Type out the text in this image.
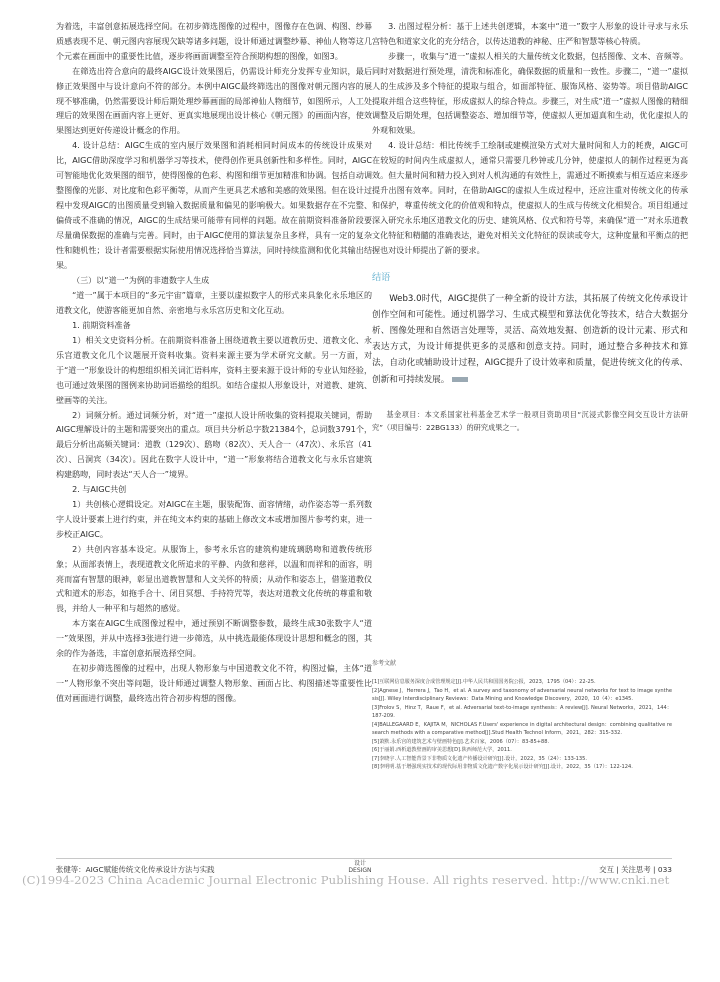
为着选，丰富创意拓展选择空间。在初步筛选图像的过程中，图像存在色调、构图、纱幕质感表现不足、朝元图内容展现欠缺等诸多问题，设计师通过调整纱幕、神仙人物等这几个元素在画面中的重要性比值，逐步将画面调整至符合预期构想的图像，如图3。

在筛选出符合意向的最终AIGC设计效果图后，仍需设计师充分发挥专业知识，最后修正效果图中与设计意向不符的部分。本例中AIGC最终筛选出的图像对朝元图内容的展现不够准确，仍然需要设计师后期处理纱幕画面的局部神仙人物细节，如图所示，人工处理后的效果图在画面内容上更好、更真实地展现出设计核心《朝元图》的画面内容，使效果图达到更好传递设计概念的作用。

4. 设计总结：AIGC生成的室内展厅效果图和消耗相同时间成本的传统设计成果对比，AIGC借助深度学习和机器学习等技术，使得创作更具创新性和多样性。同时，AIGC可智能地优化效果图的细节，使得图像的色彩、构图和细节更加精准和协调。包括自动调整图像的光影、对比度和色彩平衡等，从而产生更具艺术感和美感的效果图。但在设计过程中发现AIGC的出图质量受到输入数据质量和偏见的影响极大。如果数据存在不完整、偏倚或不准确的情况，AIGC的生成结果可能带有同样的问题。故在前期资料准备阶段要尽量确保数据的准确与完善。同时，由于AIGC使用的算法复杂且多样，具有一定的复杂性和随机性；设计者需要根据实际使用情况选择恰当算法，同时持续监测和优化其输出结果。

（三）以“道一”为例的非遗数字人生成

“道一”属于本项目的“多元宇宙”篇章，主要以虚拟数字人的形式来具象化永乐地区的道教文化，使游客能更加自然、亲密地与永乐宫历史和文化互动。

1. 前期资料准备

1）相关文史资料分析。在前期资料准备上围绕道教主要以道教历史、道教文化、永乐宫道教文化几个议题展开资料收集。资料来源主要为学术研究文献。另一方面，对于“道一”形象设计的构想组织相关词汇语料库，资料主要来源于设计师的专业认知经验，也可通过效果图的图例来协助词语描绘的组织。如结合虚拟人形象设计，对道教、建筑、壁画等的关注。

2）词频分析。通过词频分析，对“道一”虚拟人设计所收集的资料提取关键词，帮助AIGC理解设计的主题和需要突出的重点。项目共分析总字数21384个，总词数3791个，最后分析出高频关键词：道教（129次）、鸱吻（82次）、天人合一（47次）、永乐宫（41次）、吕洞宾（34次）。因此在数字人设计中，“道一”形象将结合道教文化与永乐宫建筑构建鸱吻，同时表达“天人合一”境界。

2. 与AIGC共创

1）共创核心逻辑设定。对AIGC在主题，服装配饰、面容情绪，动作姿态等一系列数字人设计要素上进行约束，并在纯文本约束的基础上修改文本或增加图片参考约束，进一步校正AIGC。

2）共创内容基本设定。从服饰上，参考永乐宫的建筑构建琉璃鸱吻和道教传统形象；从面部表情上，表现道教文化所追求的平静、内敛和慈祥，以温和而祥和的面容，明亮而富有智慧的眼神，彰显出道教智慧和人文关怀的特质；从动作和姿态上，借鉴道教仪式和道术的形态，如拖手合十、闭目冥想、手持符咒等，表达对道教文化传统的尊重和敬畏，并给人一种平和与超然的感觉。

本方案在AIGC生成图像过程中，通过预别不断调整参数，最终生成30张数字人“道一”效果图，并从中选择3张进行进一步筛选，从中挑选最能体现设计思想和概念的图，其余的作为备选，丰富创意拓展选择空间。

在初步筛选图像的过程中，出现人物形象与中国道教文化不符，构图过偏，主体“道一”人物形象不突出等问题，设计师通过调整人物形象、画面占比、构图描述等重要性比值对画面进行调整，最终选出符合初步构想的图像。

3. 出图过程分析：基于上述共创逻辑，本案中“道一”数字人形象的设计寻求与永乐宫特色和道家文化的充分结合，以传达道教的神秘、庄严和智慧等核心特质。

步骤一，收集与“道一”虚拟人相关的大量传统文化数据，包括图像、文本、音频等。同时对数据进行预处理，清洗和标准化，确保数据的质量和一致性。步骤二，“道一”虚拟人的生成涉及多个特征的提取与组合，如面部特征、服饰风格、姿势等。项目借助AIGC提取并组合这些特征，形成虚拟人的综合特点。步骤三，对生成“道一”虚拟人图像的精细调整及后期处理，包括调整姿态、增加细节等，使虚拟人更加逼真和生动，优化虚拟人的外观和效果。

4. 设计总结：相比传统手工绘制或建模渲染方式对大量时间和人力的耗费，AIGC可在较短的时间内生成虚拟人，通常只需要几秒钟或几分钟，使虚拟人的制作过程更为高效。但大量时间和精力投入到对人机沟通的有效性上，需通过不断摸索与相互适应来逐步提升出图有效率。同时，在借助AIGC的虚拟人生成过程中，还应注重对传统文化的传承和保护，尊重传统文化的价值观和特点，使虚拟人的生成与传统文化相契合。项目组通过深入研究永乐地区道教文化的历史、建筑风格、仪式和符号等，来确保“道一”对永乐道教文化特征和精髓的准确表达，避免对相关文化特征的误读或夸大，这种度量和平衡点的把握也对设计师提出了新的要求。

结语

Web3.0时代，AIGC提供了一种全新的设计方法，其拓展了传统文化传承设计创作空间和可能性。通过机器学习、生成式模型和算法优化等技术，结合大数据分析、图像处理和自然语言处理等，灵活、高效地发掘、创造新的设计元素、形式和表达方式，为设计师提供更多的灵感和创意支持。同时，通过整合多种技术和算法，自动化或辅助设计过程，AIGC提升了设计效率和质量，促进传统文化的传承、创新和可持续发展。

基金项目：本文系国家社科基金艺术学一般项目资助项目“沉浸式影像空间交互设计方法研究”（项目编号：22BG133）的研究成果之一。

参考文献

[1]互联网信息服务深度合成管理规定[J].中华人民共和国国务院公报，2023，1795（04）：22-25.

[2]Agnese J，Herrera J，Tao H，et al. A survey and taxonomy of adversarial neural networks for text to image synthesis[J]. Wiley Interdisciplinary Reviews：Data Mining and Knowledge Discovery，2020，10（4）：e1345.

[3]Frolov S，Hinz T，Raue F，et al. Adversarial text-to-image synthesis：A review[J]. Neural Networks，2021，144：187-209.

[4]BALLEGAARD E，KAJITA M，NICHOLAS F.Users' experience in digital architectural design：combining qualitative research methods with a comparative method[J].Stud Health Technol Inform，2021，282：315-332.

[5]萧默.永乐宫的建筑艺术与壁画特色[J].艺术百家，2006（07）：83-85+88.

[6]于丽娟.西析道教壁画的审美思想[D].陕西师范大学，2011.

[7]李晓宇.人工智能背景下非物质文化遗产传播设计研究[J].设计，2022，35（24）：133-135.

[8]李明明.基于增强现实技术的现代际用非物质文化遗产数字化展示设计研究[J].设计，2022，35（17）：122-124.

张健等：AIGC赋能传统文化传承设计方法与实践
设计
DESIGN	交互 | 关注思考 | 033
(C)1994-2023 China Academic Journal Electronic Publishing House. All rights reserved. http://www.cnki.net
